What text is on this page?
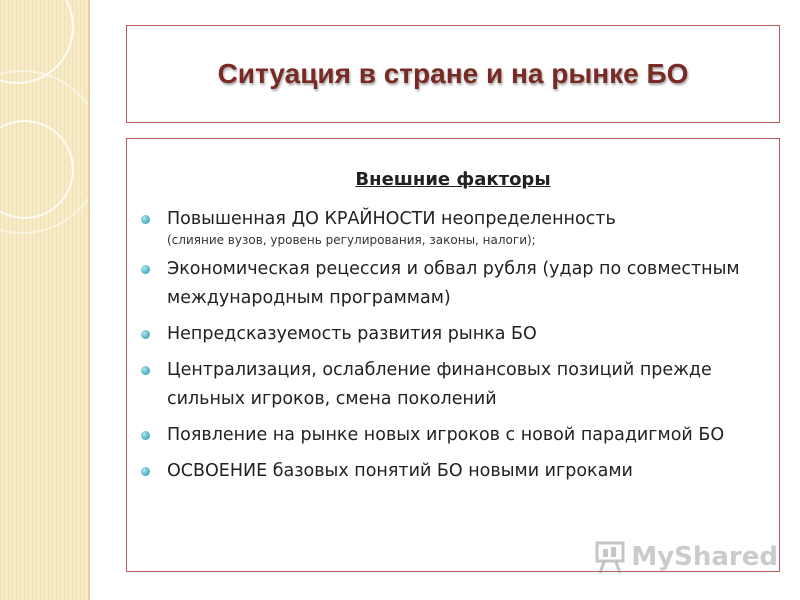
Ситуация в стране и на рынке БО
Внешние факторы
Повышенная ДО КРАЙНОСТИ неопределенность
(слияние вузов, уровень регулирования, законы, налоги);
Экономическая рецессия и обвал рубля (удар по совместным международным программам)
Непредсказуемость развития рынка БО
Централизация, ослабление финансовых позиций прежде сильных игроков, смена поколений
Появление на рынке новых игроков с новой парадигмой БО
ОСВОЕНИЕ базовых понятий БО новыми игроками
MyShared
